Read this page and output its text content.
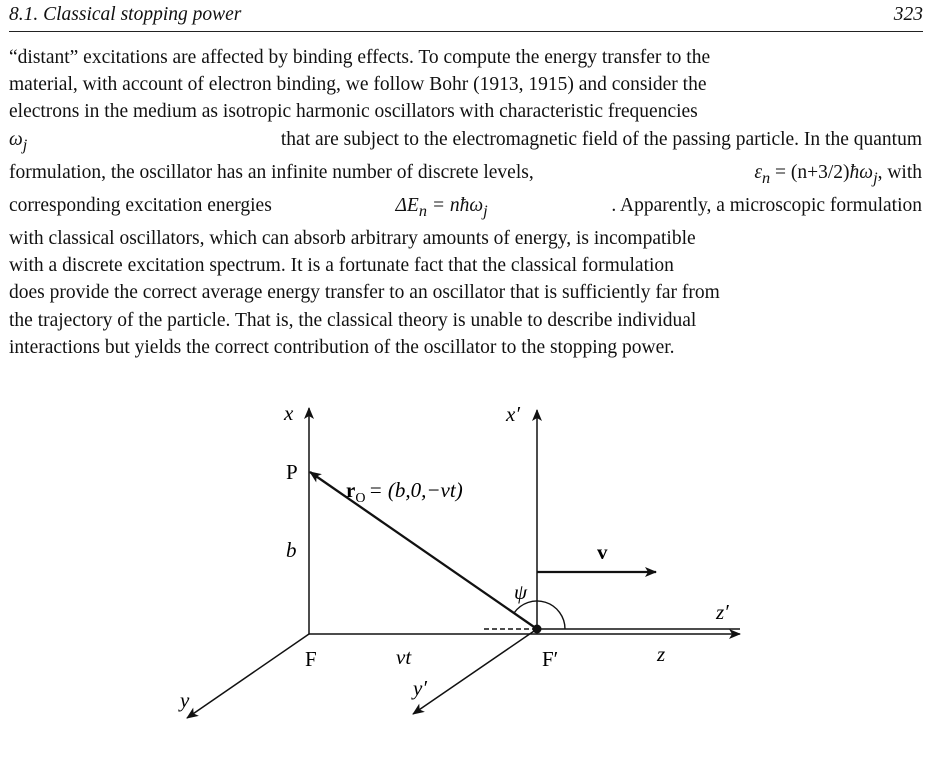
8.1. Classical stopping power	323
“distant” excitations are affected by binding effects. To compute the energy transfer to the
material, with account of electron binding, we follow Bohr (1913, 1915) and consider the
electrons in the medium as isotropic harmonic oscillators with characteristic frequencies
$\omega_j$	that are subject to the electromagnetic field of the passing particle. In the quantum
formulation, the oscillator has an infinite number of discrete levels,	$\varepsilon_n$ = $(n+3/2)ħ\omega_j$, with
corresponding excitation energies	$\Delta E_n$ = nħω$_j$	. Apparently, a microscopic formulation
with classical oscillators, which can absorb arbitrary amounts of energy, is incompatible
with a discrete excitation spectrum. It is a fortunate fact that the classical formulation
does provide the correct average energy transfer to an oscillator that is sufficiently far from
the trajectory of the particle. That is, the classical theory is unable to describe individual
interactions but yields the correct contribution of the oscillator to the stopping power.
x	x′
P
$r_O = (b,0,-vt)$
b	v
ψ
z′
F	vt	F′	z
y	y′
